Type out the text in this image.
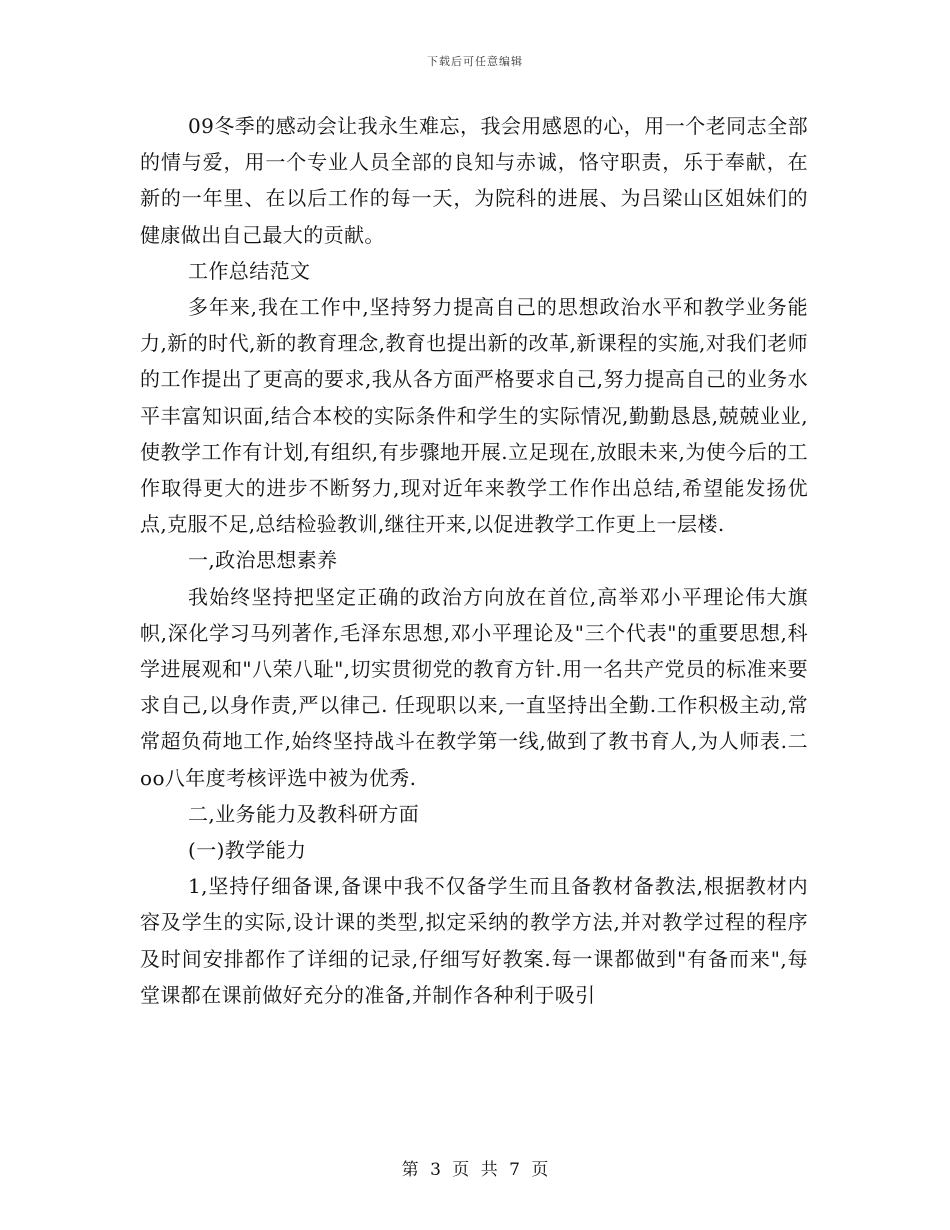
下载后可任意编辑

09冬季的感动会让我永生难忘，我会用感恩的心，用一个老同志全部的情与爱，用一个专业人员全部的良知与赤诚，恪守职责，乐于奉献，在新的一年里、在以后工作的每一天，为院科的进展、为吕梁山区姐妹们的健康做出自己最大的贡献。

工作总结范文

多年来,我在工作中,坚持努力提高自己的思想政治水平和教学业务能力,新的时代,新的教育理念,教育也提出新的改革,新课程的实施,对我们老师的工作提出了更高的要求,我从各方面严格要求自己,努力提高自己的业务水平丰富知识面,结合本校的实际条件和学生的实际情况,勤勤恳恳,兢兢业业,使教学工作有计划,有组织,有步骤地开展.立足现在,放眼未来,为使今后的工作取得更大的进步不断努力,现对近年来教学工作作出总结,希望能发扬优点,克服不足,总结检验教训,继往开来,以促进教学工作更上一层楼.

一,政治思想素养

我始终坚持把坚定正确的政治方向放在首位,高举邓小平理论伟大旗帜,深化学习马列著作,毛泽东思想,邓小平理论及"三个代表"的重要思想,科学进展观和"八荣八耻",切实贯彻党的教育方针.用一名共产党员的标准来要求自己,以身作责,严以律己. 任现职以来,一直坚持出全勤.工作积极主动,常常超负荷地工作,始终坚持战斗在教学第一线,做到了教书育人,为人师表.二oo八年度考核评选中被为优秀.

二,业务能力及教科研方面

(一)教学能力

1,坚持仔细备课,备课中我不仅备学生而且备教材备教法,根据教材内容及学生的实际,设计课的类型,拟定采纳的教学方法,并对教学过程的程序及时间安排都作了详细的记录,仔细写好教案.每一课都做到"有备而来",每堂课都在课前做好充分的准备,并制作各种利于吸引

第 3 页 共 7 页
